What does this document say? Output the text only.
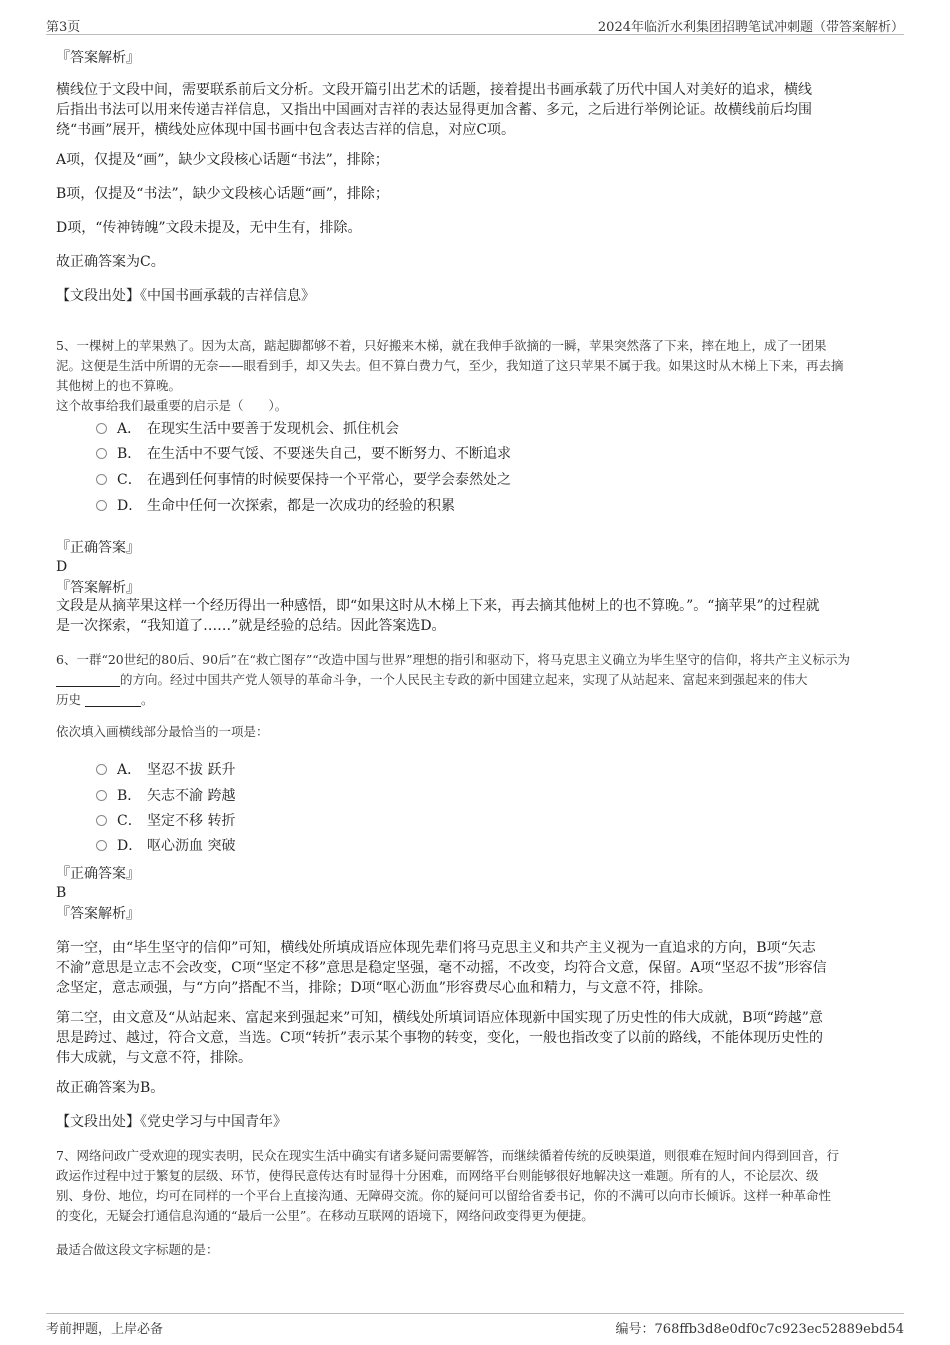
第3页	2024年临沂水利集团招聘笔试冲刺题（带答案解析）
『答案解析』
横线位于文段中间，需要联系前后文分析。文段开篇引出艺术的话题，接着提出书画承载了历代中国人对美好的追求，横线
后指出书法可以用来传递吉祥信息，又指出中国画对吉祥的表达显得更加含蓄、多元，之后进行举例论证。故横线前后均围
绕“书画”展开，横线处应体现中国书画中包含表达吉祥的信息，对应C项。
A项，仅提及“画”，缺少文段核心话题“书法”，排除；
B项，仅提及“书法”，缺少文段核心话题“画”，排除；
D项，“传神铸魄”文段未提及，无中生有，排除。
故正确答案为C。
【文段出处】《中国书画承载的吉祥信息》
5、一棵树上的苹果熟了。因为太高，踮起脚都够不着，只好搬来木梯，就在我伸手欲摘的一瞬，苹果突然落了下来，摔在地上，成了一团果
泥。这便是生活中所谓的无奈——眼看到手，却又失去。但不算白费力气，至少，我知道了这只苹果不属于我。如果这时从木梯上下来，再去摘
其他树上的也不算晚。
这个故事给我们最重要的启示是（　　）。
A． 在现实生活中要善于发现机会、抓住机会
B． 在生活中不要气馁、不要迷失自己，要不断努力、不断追求
C． 在遇到任何事情的时候要保持一个平常心，要学会泰然处之
D． 生命中任何一次探索，都是一次成功的经验的积累
『正确答案』
D
『答案解析』
文段是从摘苹果这样一个经历得出一种感悟，即“如果这时从木梯上下来，再去摘其他树上的也不算晚。”。“摘苹果”的过程就
是一次探索，“我知道了……”就是经验的总结。因此答案选D。
6、一群“20世纪的80后、90后”在“救亡图存”“改造中国与世界”理想的指引和驱动下，将马克思主义确立为毕生坚守的信仰，将共产主义标示为
的方向。经过中国共产党人领导的革命斗争，一个人民民主专政的新中国建立起来，实现了从站起来、富起来到强起来的伟大
历史	。
依次填入画横线部分最恰当的一项是：
A． 坚忍不拔 跃升
B． 矢志不渝 跨越
C． 坚定不移 转折
D． 呕心沥血 突破
『正确答案』
B
『答案解析』
第一空，由“毕生坚守的信仰”可知，横线处所填成语应体现先辈们将马克思主义和共产主义视为一直追求的方向，B项“矢志
不渝”意思是立志不会改变，C项“坚定不移”意思是稳定坚强，毫不动摇，不改变，均符合文意，保留。A项“坚忍不拔”形容信
念坚定，意志顽强，与“方向”搭配不当，排除；D项“呕心沥血”形容费尽心血和精力，与文意不符，排除。
第二空，由文意及“从站起来、富起来到强起来”可知，横线处所填词语应体现新中国实现了历史性的伟大成就，B项“跨越”意
思是跨过、越过，符合文意，当选。C项“转折”表示某个事物的转变，变化，一般也指改变了以前的路线，不能体现历史性的
伟大成就，与文意不符，排除。
故正确答案为B。
【文段出处】《党史学习与中国青年》
7、网络问政广受欢迎的现实表明，民众在现实生活中确实有诸多疑问需要解答，而继续循着传统的反映渠道，则很难在短时间内得到回音，行
政运作过程中过于繁复的层级、环节，使得民意传达有时显得十分困难，而网络平台则能够很好地解决这一难题。所有的人，不论层次、级
别、身份、地位，均可在同样的一个平台上直接沟通、无障碍交流。你的疑问可以留给省委书记，你的不满可以向市长倾诉。这样一种革命性
的变化，无疑会打通信息沟通的“最后一公里”。在移动互联网的语境下，网络问政变得更为便捷。
最适合做这段文字标题的是：
考前押题，上岸必备	编号：768ffb3d8e0df0c7c923ec52889ebd54
